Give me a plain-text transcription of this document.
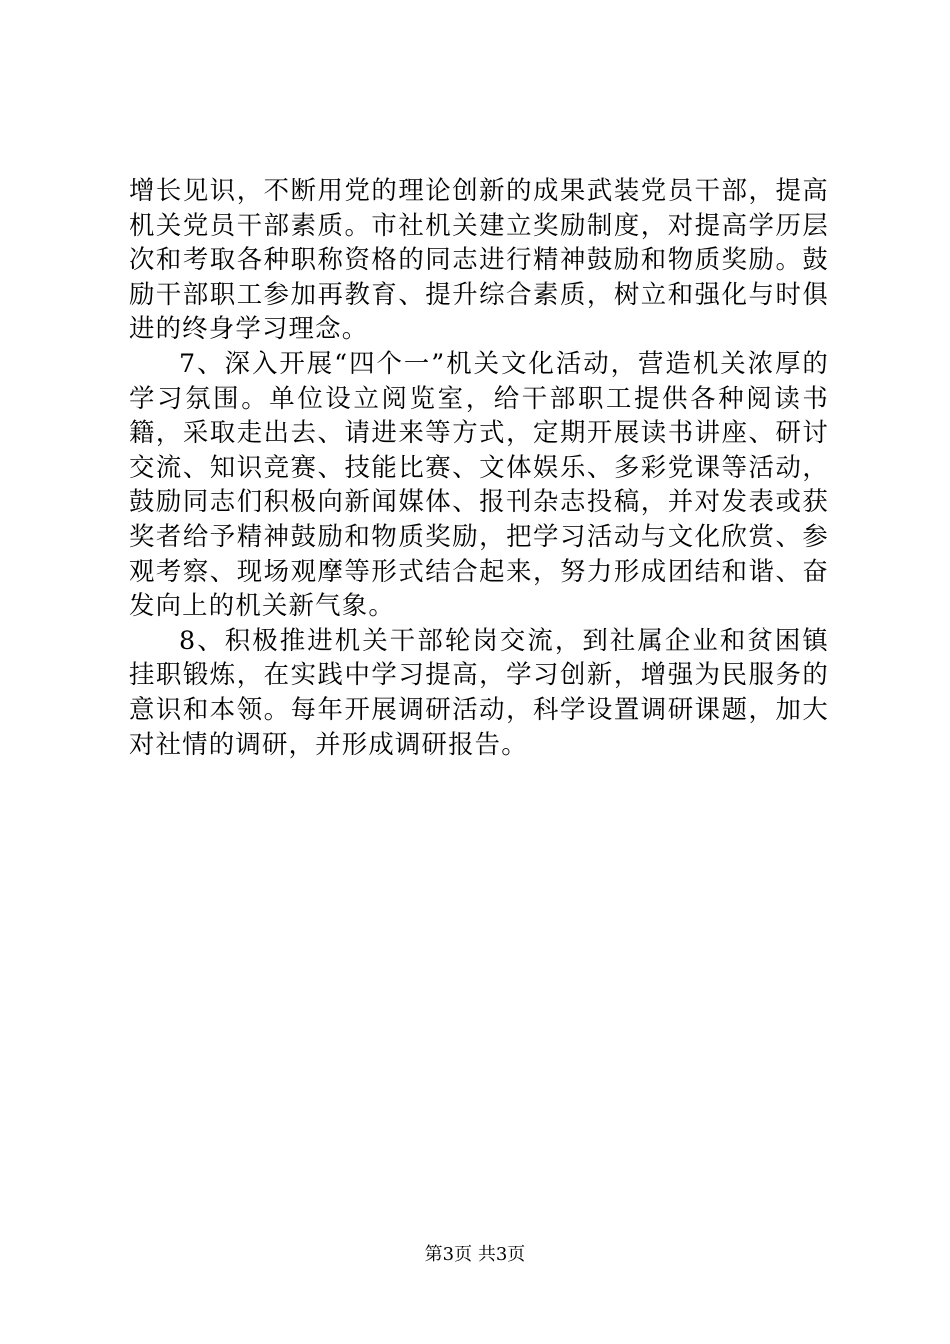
增长见识，不断用党的理论创新的成果武装党员干部，提高机关党员干部素质。市社机关建立奖励制度，对提高学历层次和考取各种职称资格的同志进行精神鼓励和物质奖励。鼓励干部职工参加再教育、提升综合素质，树立和强化与时俱进的终身学习理念。

7、深入开展“四个一”机关文化活动，营造机关浓厚的学习氛围。单位设立阅览室，给干部职工提供各种阅读书籍，采取走出去、请进来等方式，定期开展读书讲座、研讨交流、知识竞赛、技能比赛、文体娱乐、多彩党课等活动，鼓励同志们积极向新闻媒体、报刊杂志投稿，并对发表或获奖者给予精神鼓励和物质奖励，把学习活动与文化欣赏、参观考察、现场观摩等形式结合起来，努力形成团结和谐、奋发向上的机关新气象。

8、积极推进机关干部轮岗交流，到社属企业和贫困镇挂职锻炼，在实践中学习提高，学习创新，增强为民服务的意识和本领。每年开展调研活动，科学设置调研课题，加大对社情的调研，并形成调研报告。

第3页 共3页
